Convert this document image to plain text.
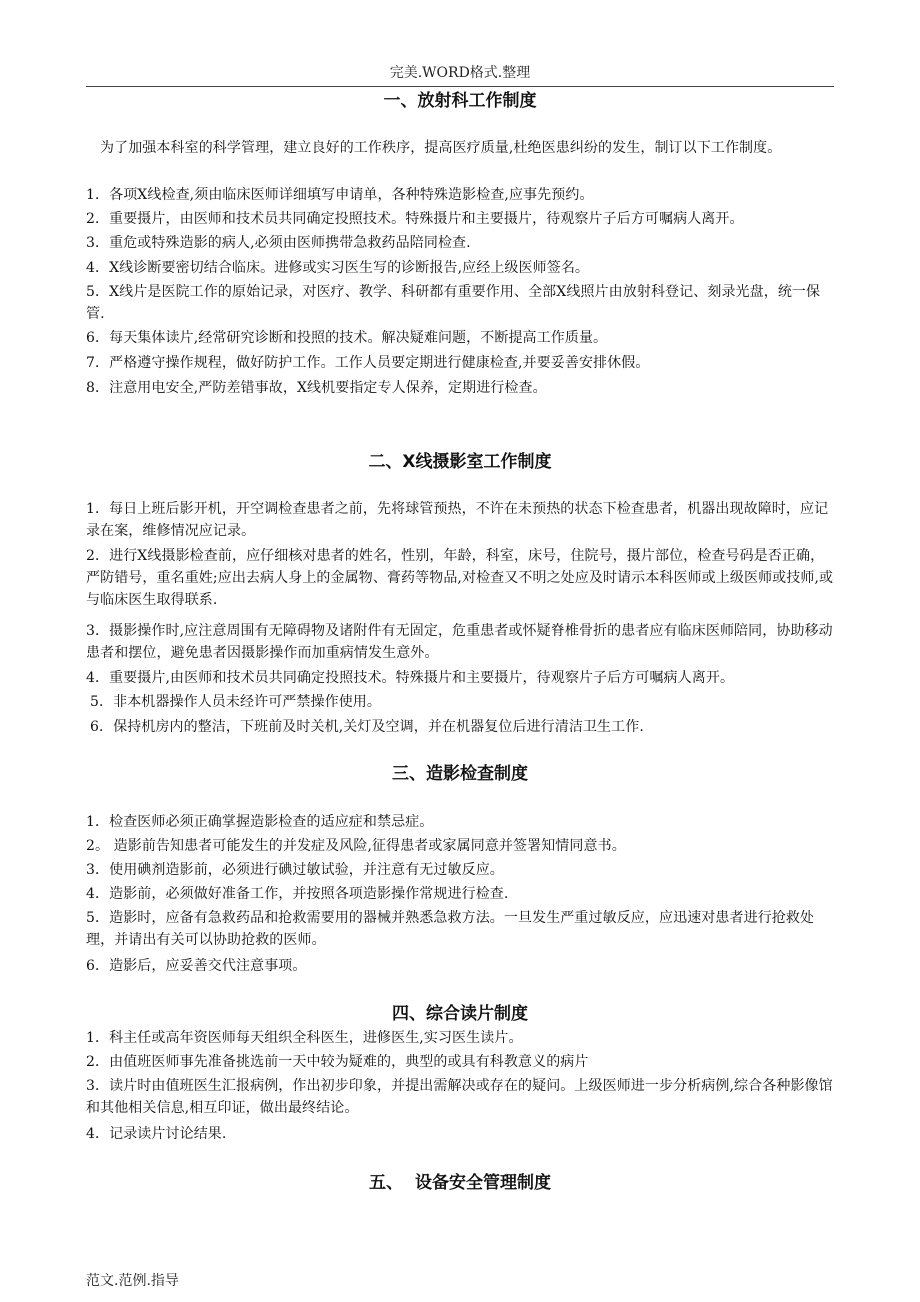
完美.WORD格式.整理
一、放射科工作制度
为了加强本科室的科学管理，建立良好的工作秩序，提高医疗质量,杜绝医患纠纷的发生，制订以下工作制度。
1．各项X线检查,须由临床医师详细填写申请单，各种特殊造影检查,应事先预约。
2．重要摄片，由医师和技术员共同确定投照技术。特殊摄片和主要摄片，待观察片子后方可嘱病人离开。
3．重危或特殊造影的病人,必须由医师携带急救药品陪同检查.
4．X线诊断要密切结合临床。进修或实习医生写的诊断报告,应经上级医师签名。
5．X线片是医院工作的原始记录，对医疗、教学、科研都有重要作用、全部X线照片由放射科登记、刻录光盘，统一保管.
6．每天集体读片,经常研究诊断和投照的技术。解决疑难问题，不断提高工作质量。
7．严格遵守操作规程，做好防护工作。工作人员要定期进行健康检查,并要妥善安排休假。
8．注意用电安全,严防差错事故，X线机要指定专人保养，定期进行检查。
二、X线摄影室工作制度
1．每日上班后影开机，开空调检查患者之前，先将球管预热，不许在未预热的状态下检查患者，机器出现故障时，应记录在案，维修情况应记录。
2．进行X线摄影检查前，应仔细核对患者的姓名，性别，年龄，科室，床号，住院号，摄片部位，检查号码是否正确，严防错号，重名重姓;应出去病人身上的金属物、膏药等物品,对检查又不明之处应及时请示本科医师或上级医师或技师,或与临床医生取得联系.
3．摄影操作时,应注意周围有无障碍物及诸附件有无固定，危重患者或怀疑脊椎骨折的患者应有临床医师陪同，协助移动患者和摆位，避免患者因摄影操作而加重病情发生意外。
4．重要摄片,由医师和技术员共同确定投照技术。特殊摄片和主要摄片，待观察片子后方可嘱病人离开。
5．非本机器操作人员未经许可严禁操作使用。
6．保持机房内的整洁，下班前及时关机,关灯及空调，并在机器复位后进行清洁卫生工作.
三、造影检查制度
1．检查医师必须正确掌握造影检查的适应症和禁忌症。
2。 造影前告知患者可能发生的并发症及风险,征得患者或家属同意并签署知情同意书。
3．使用碘剂造影前，必须进行碘过敏试验，并注意有无过敏反应。
4．造影前，必须做好准备工作，并按照各项造影操作常规进行检查.
5．造影时，应备有急救药品和抢救需要用的器械并熟悉急救方法。一旦发生严重过敏反应，应迅速对患者进行抢救处理，并请出有关可以协助抢救的医师。
6．造影后，应妥善交代注意事项。
四、综合读片制度
1．科主任或高年资医师每天组织全科医生，进修医生,实习医生读片。
2．由值班医师事先准备挑选前一天中较为疑难的，典型的或具有科教意义的病片
3．读片时由值班医生汇报病例，作出初步印象，并提出需解决或存在的疑问。上级医师进一步分析病例,综合各种影像馆和其他相关信息,相互印证，做出最终结论。
4．记录读片讨论结果.
五、 设备安全管理制度
范文.范例.指导
